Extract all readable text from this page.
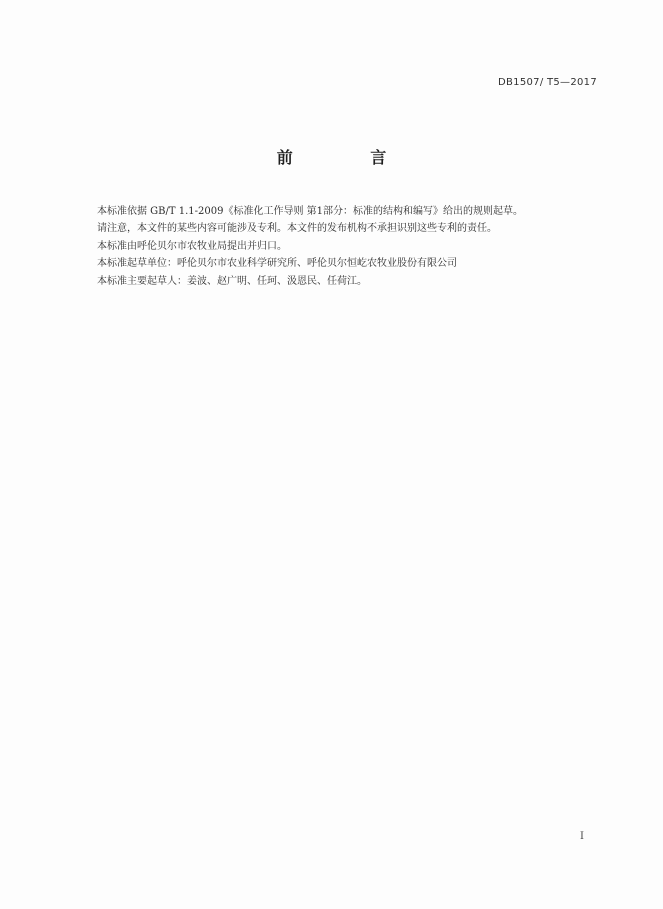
DB1507/ T5—2017
前 言

本标准依据 GB/T 1.1-2009《标准化工作导则 第1部分：标准的结构和编写》给出的规则起草。

请注意，本文件的某些内容可能涉及专利。本文件的发布机构不承担识别这些专利的责任。

本标准由呼伦贝尔市农牧业局提出并归口。

本标准起草单位：呼伦贝尔市农业科学研究所、呼伦贝尔恒屹农牧业股份有限公司

本标准主要起草人：姜波、赵广明、任珂、汲恩民、任荷江。

I
